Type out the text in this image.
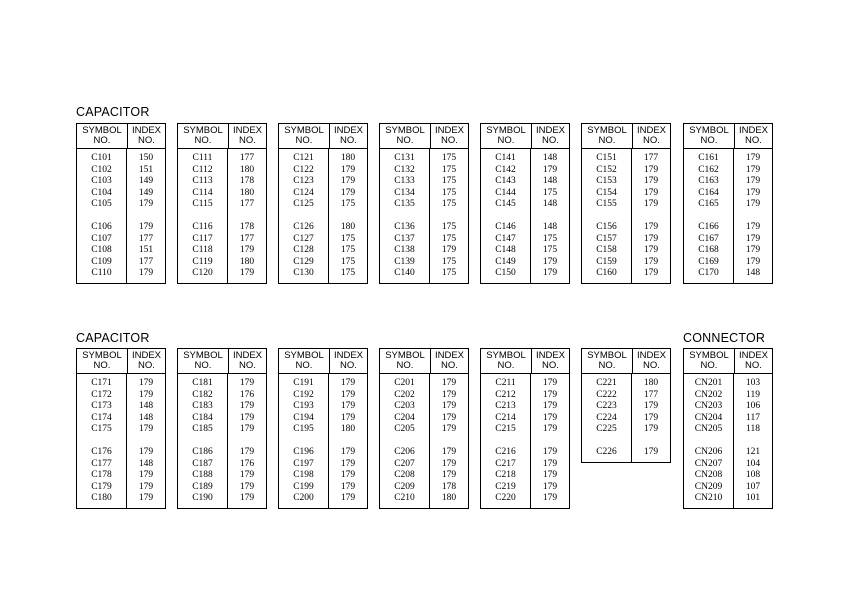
CAPACITOR
CAPACITOR	CONNECTOR
SYMBOL
NO.
INDEX
NO.
C101
C102
C103
C104
C105
C106
C107
C108
C109
C110
150
151
149
149
179
179
177
151
177
179
SYMBOL
NO.
INDEX
NO.
C111
C112
C113
C114
C115
C116
C117
C118
C119
C120
177
180
178
180
177
178
177
179
180
179
SYMBOL
NO.
INDEX
NO.
C121
C122
C123
C124
C125
C126
C127
C128
C129
C130
180
179
179
179
175
180
175
175
175
175
SYMBOL
NO.
INDEX
NO.
C131
C132
C133
C134
C135
C136
C137
C138
C139
C140
175
175
175
175
175
175
175
179
175
175
SYMBOL
NO.
INDEX
NO.
C141
C142
C143
C144
C145
C146
C147
C148
C149
C150
148
179
148
175
148
148
175
175
179
179
SYMBOL
NO.
INDEX
NO.
C151
C152
C153
C154
C155
C156
C157
C158
C159
C160
177
179
179
179
179
179
179
179
179
179
SYMBOL
NO.
INDEX
NO.
C161
C162
C163
C164
C165
C166
C167
C168
C169
C170
179
179
179
179
179
179
179
179
179
148
SYMBOL
NO.
INDEX
NO.
C171
C172
C173
C174
C175
C176
C177
C178
C179
C180
179
179
148
148
179
179
148
179
179
179
SYMBOL
NO.
INDEX
NO.
C181
C182
C183
C184
C185
C186
C187
C188
C189
C190
179
176
179
179
179
179
176
179
179
179
SYMBOL
NO.
INDEX
NO.
C191
C192
C193
C194
C195
C196
C197
C198
C199
C200
179
179
179
179
180
179
179
179
179
179
SYMBOL
NO.
INDEX
NO.
C201
C202
C203
C204
C205
C206
C207
C208
C209
C210
179
179
179
179
179
179
179
179
178
180
SYMBOL
NO.
INDEX
NO.
C211
C212
C213
C214
C215
C216
C217
C218
C219
C220
179
179
179
179
179
179
179
179
179
179
SYMBOL
NO.
INDEX
NO.
C221
C222
C223
C224
C225
C226
180
177
179
179
179
179
SYMBOL
NO.
INDEX
NO.
CN201
CN202
CN203
CN204
CN205
CN206
CN207
CN208
CN209
CN210
103
119
106
117
118
121
104
108
107
101
